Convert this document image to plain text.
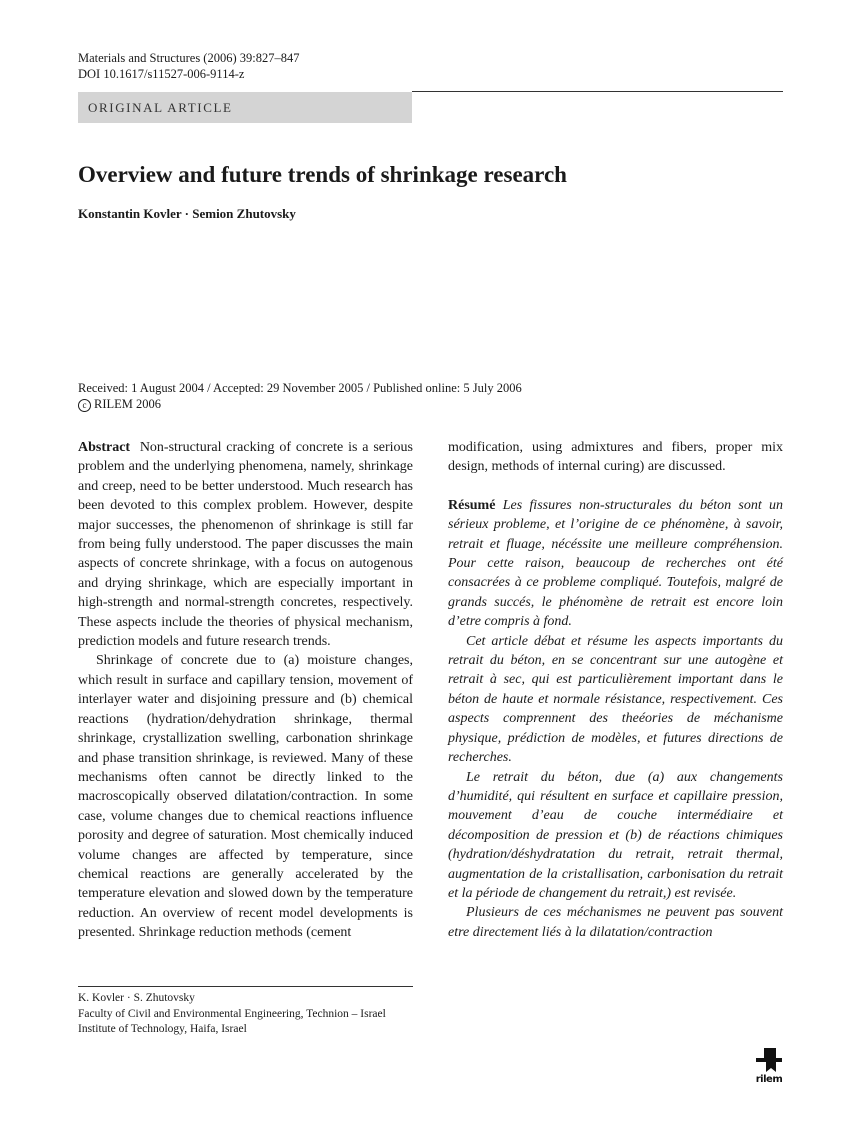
Materials and Structures (2006) 39:827–847
DOI 10.1617/s11527-006-9114-z
ORIGINAL ARTICLE
Overview and future trends of shrinkage research
Konstantin Kovler · Semion Zhutovsky
Received: 1 August 2004 / Accepted: 29 November 2005 / Published online: 5 July 2006
c RILEM 2006

Abstract Non-structural cracking of concrete is a serious problem and the underlying phenomena, namely, shrinkage and creep, need to be better understood. Much research has been devoted to this complex problem. However, despite major successes, the phenomenon of shrinkage is still far from being fully understood. The paper discusses the main aspects of concrete shrinkage, with a focus on autogenous and drying shrinkage, which are especially important in high-strength and normal-strength concretes, respectively. These aspects include the theories of physical mechanism, prediction models and future research trends.

Shrinkage of concrete due to (a) moisture changes, which result in surface and capillary tension, movement of interlayer water and disjoining pressure and (b) chemical reactions (hydration/dehydration shrinkage, thermal shrinkage, crystallization swelling, carbonation shrinkage and phase transition shrinkage, is reviewed. Many of these mechanisms often cannot be directly linked to the macroscopically observed dilatation/contraction. In some case, volume changes due to chemical reactions influence porosity and degree of saturation. Most chemically induced volume changes are affected by temperature, since chemical reactions are generally accelerated by the temperature elevation and slowed down by the temperature reduction. An overview of recent model developments is presented. Shrinkage reduction methods (cement

modification, using admixtures and fibers, proper mix design, methods of internal curing) are discussed.

Résumé Les fissures non-structurales du béton sont un sérieux probleme, et l’origine de ce phénomène, à savoir, retrait et fluage, nécéssite une meilleure compréhension. Pour cette raison, beaucoup de recherches ont été consacrées à ce probleme compliqué. Toutefois, malgré de grands succés, le phénomène de retrait est encore loin d’etre compris à fond.

Cet article débat et résume les aspects importants du retrait du béton, en se concentrant sur une autogène et retrait à sec, qui est particulièrement important dans le béton de haute et normale résistance, respectivement. Ces aspects comprennent des theéories de méchanisme physique, prédiction de modèles, et futures directions de recherches.

Le retrait du béton, due (a) aux changements d’humidité, qui résultent en surface et capillaire pression, mouvement d’eau de couche intermédiaire et décomposition de pression et (b) de réactions chimiques (hydration/déshydratation du retrait, retrait thermal, augmentation de la cristallisation, carbonisation du retrait et la période de changement du retrait,) est revisée.

Plusieurs de ces méchanismes ne peuvent pas souvent etre directement liés à la dilatation/contraction

K. Kovler · S. Zhutovsky
Faculty of Civil and Environmental Engineering, Technion – Israel Institute of Technology, Haifa, Israel
rilem
